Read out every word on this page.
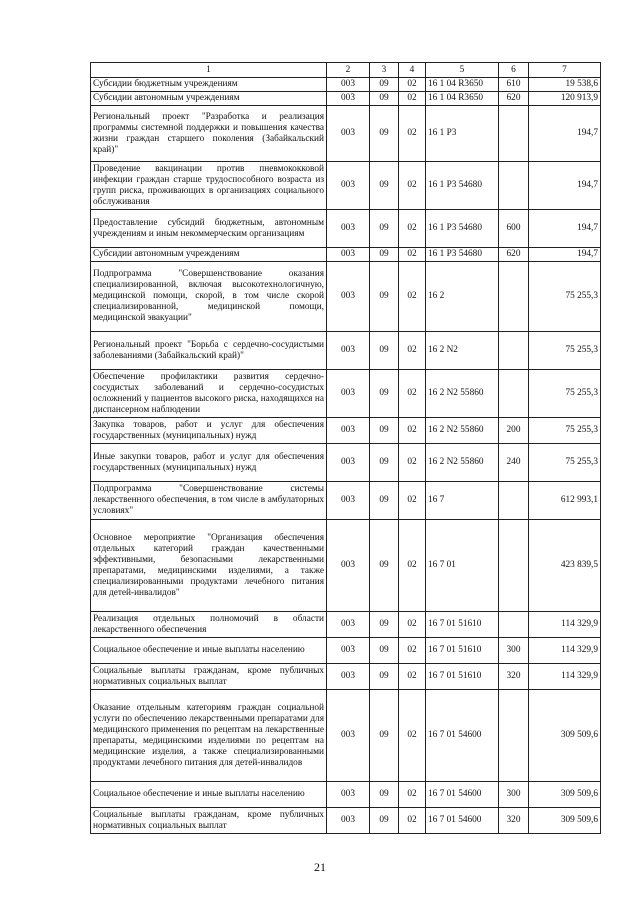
1	2	3	4	5	6	7
Субсидии бюджетным учреждениям	003	09	02	16 1 04 R3650	610	19 538,6
Субсидии автономным учреждениям	003	09	02	16 1 04 R3650	620	120 913,9
Региональный проект "Разработка и реализация программы системной поддержки и повышения качества жизни граждан старшего поколения (Забайкальский край)"	003	09	02	16 1 P3		194,7
Проведение вакцинации против пневмококковой инфекции граждан старше трудоспособного возраста из групп риска, проживающих в организациях социального обслуживания	003	09	02	16 1 P3 54680		194,7
Предоставление субсидий бюджетным, автономным учреждениям и иным некоммерческим организациям	003	09	02	16 1 P3 54680	600	194,7
Субсидии автономным учреждениям	003	09	02	16 1 P3 54680	620	194,7
Подпрограмма "Совершенствование оказания специализированной, включая высокотехнологичную, медицинской помощи, скорой, в том числе скорой специализированной, медицинской помощи, медицинской эвакуации"	003	09	02	16 2		75 255,3
Региональный проект "Борьба с сердечно-сосудистыми заболеваниями (Забайкальский край)"	003	09	02	16 2 N2		75 255,3
Обеспечение профилактики развития сердечно-сосудистых заболеваний и сердечно-сосудистых осложнений у пациентов высокого риска, находящихся на диспансерном наблюдении	003	09	02	16 2 N2 55860		75 255,3
Закупка товаров, работ и услуг для обеспечения государственных (муниципальных) нужд	003	09	02	16 2 N2 55860	200	75 255,3
Иные закупки товаров, работ и услуг для обеспечения государственных (муниципальных) нужд	003	09	02	16 2 N2 55860	240	75 255,3
Подпрограмма "Совершенствование системы лекарственного обеспечения, в том числе в амбулаторных условиях"	003	09	02	16 7		612 993,1
Основное мероприятие "Организация обеспечения отдельных категорий граждан качественными эффективными, безопасными лекарственными препаратами, медицинскими изделиями, а также специализированными продуктами лечебного питания для детей-инвалидов"	003	09	02	16 7 01		423 839,5
Реализация отдельных полномочий в области лекарственного обеспечения	003	09	02	16 7 01 51610		114 329,9
Социальное обеспечение и иные выплаты населению	003	09	02	16 7 01 51610	300	114 329,9
Социальные выплаты гражданам, кроме публичных нормативных социальных выплат	003	09	02	16 7 01 51610	320	114 329,9
Оказание отдельным категориям граждан социальной услуги по обеспечению лекарственными препаратами для медицинского применения по рецептам на лекарственные препараты, медицинскими изделиями по рецептам на медицинские изделия, а также специализированными продуктами лечебного питания для детей-инвалидов	003	09	02	16 7 01 54600		309 509,6
Социальное обеспечение и иные выплаты населению	003	09	02	16 7 01 54600	300	309 509,6
Социальные выплаты гражданам, кроме публичных нормативных социальных выплат	003	09	02	16 7 01 54600	320	309 509,6
21
